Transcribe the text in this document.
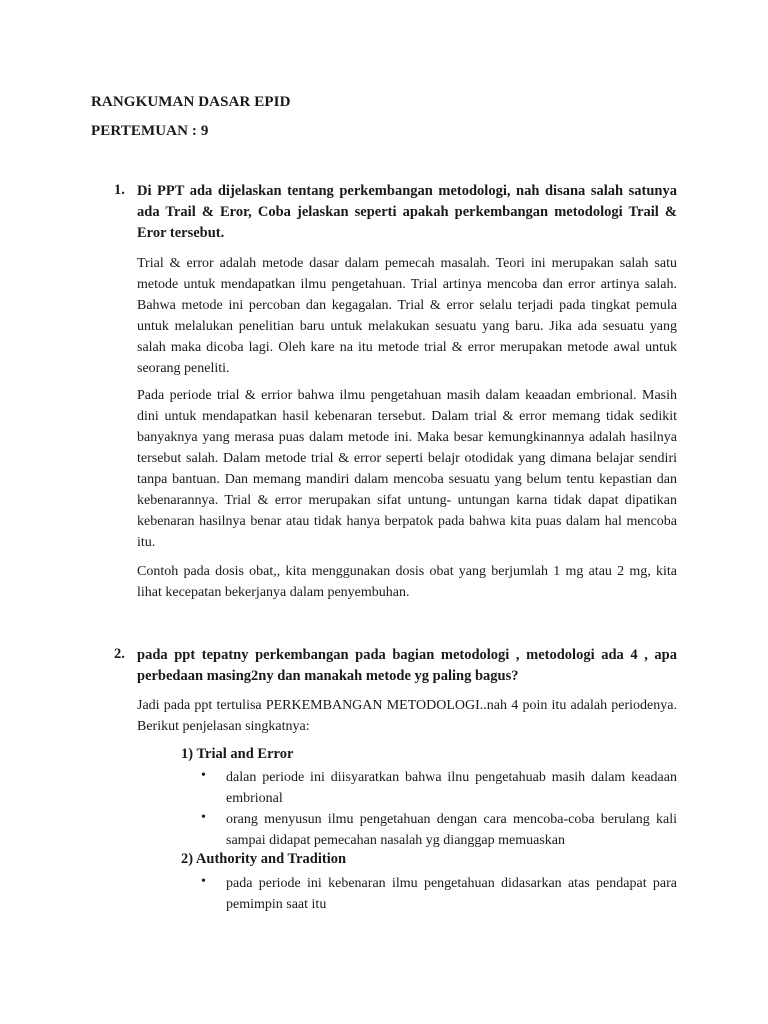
RANGKUMAN DASAR EPID
PERTEMUAN : 9
1. Di PPT ada dijelaskan tentang perkembangan metodologi, nah disana salah satunya ada Trail & Eror, Coba jelaskan seperti apakah perkembangan metodologi Trail & Eror tersebut.
Trial & error adalah metode dasar dalam pemecah masalah. Teori ini merupakan salah satu metode untuk mendapatkan ilmu pengetahuan. Trial artinya mencoba dan error artinya salah. Bahwa metode ini percoban dan kegagalan. Trial & error selalu terjadi pada tingkat pemula untuk melalukan penelitian baru untuk melakukan sesuatu yang baru. Jika ada sesuatu yang salah maka dicoba lagi. Oleh kare na itu metode trial & error merupakan metode awal untuk seorang peneliti.
Pada periode trial & errior bahwa ilmu pengetahuan masih dalam keaadan embrional. Masih dini untuk mendapatkan hasil kebenaran tersebut. Dalam trial & error memang tidak sedikit banyaknya yang merasa puas dalam metode ini. Maka besar kemungkinannya adalah hasilnya tersebut salah. Dalam metode trial & error seperti belajr otodidak yang dimana belajar sendiri tanpa bantuan. Dan memang mandiri dalam mencoba sesuatu yang belum tentu kepastian dan kebenarannya. Trial & error merupakan sifat untung- untungan karna tidak dapat dipatikan kebenaran hasilnya benar atau tidak hanya berpatok pada bahwa kita puas dalam hal mencoba itu.
Contoh pada dosis obat,, kita menggunakan dosis obat yang berjumlah 1 mg atau 2 mg, kita lihat kecepatan bekerjanya dalam penyembuhan.
2. pada ppt tepatny perkembangan pada bagian metodologi , metodologi ada 4 , apa perbedaan masing2ny dan manakah metode yg paling bagus?
Jadi pada ppt tertulisa PERKEMBANGAN METODOLOGI..nah 4 poin itu adalah periodenya. Berikut penjelasan singkatnya:
1) Trial and Error
• dalan periode ini diisyaratkan bahwa ilnu pengetahuab masih dalam keadaan embrional
• orang menyusun ilmu pengetahuan dengan cara mencoba-coba berulang kali sampai didapat pemecahan nasalah yg dianggap memuaskan
2) Authority and Tradition
• pada periode ini kebenaran ilmu pengetahuan didasarkan atas pendapat para pemimpin saat itu
